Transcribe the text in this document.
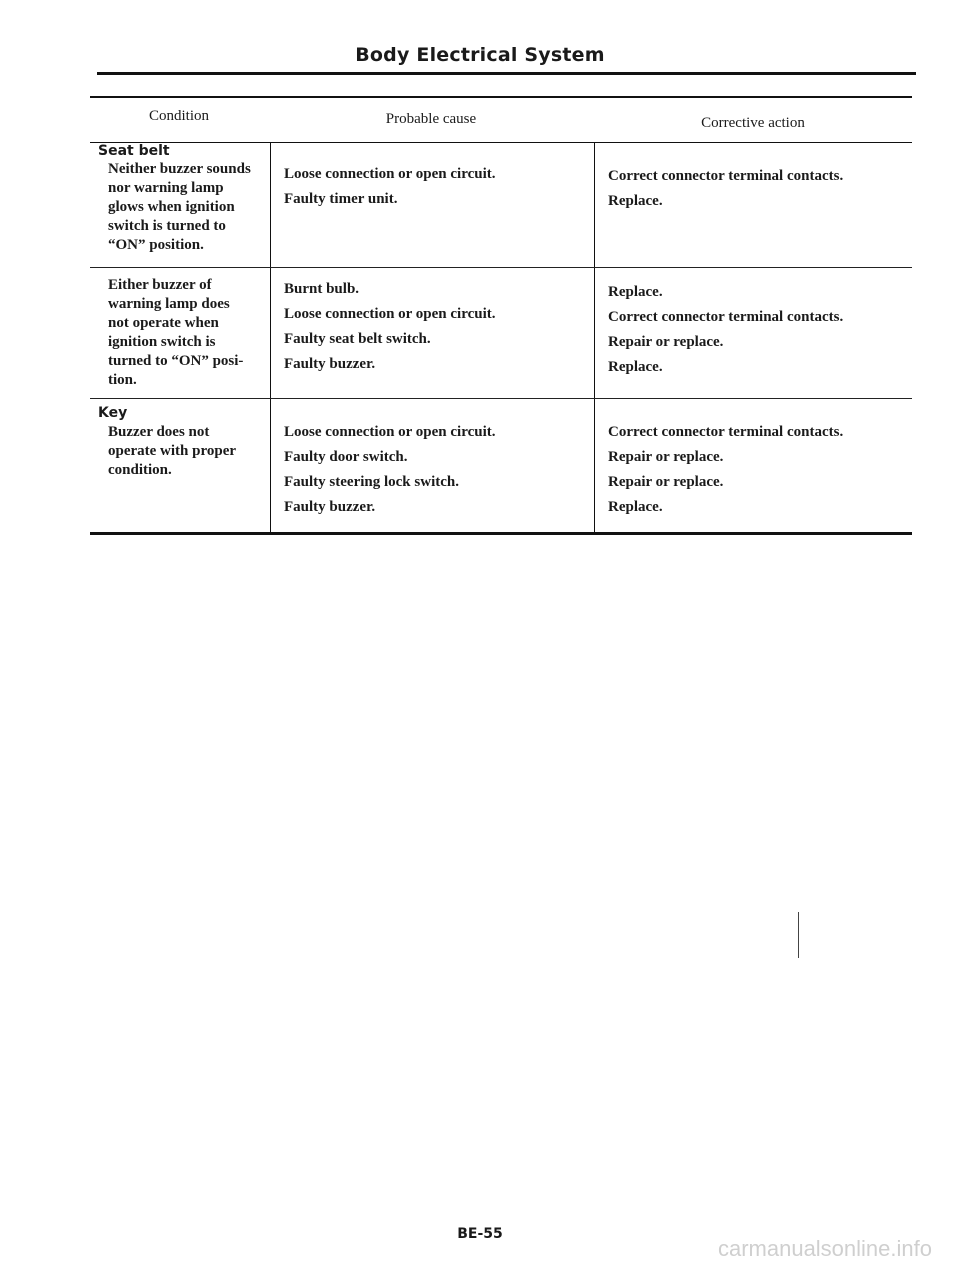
Body Electrical System
Condition	Probable cause	Corrective action
Seat belt
Neither buzzer sounds
nor warning lamp
glows when ignition
switch is turned to
“ON” position.
Loose connection or open circuit.
Faulty timer unit.
Correct connector terminal contacts.
Replace.
Either buzzer of
warning lamp does
not operate when
ignition switch is
turned to “ON” posi-
tion.
Burnt bulb.
Loose connection or open circuit.
Faulty seat belt switch.
Faulty buzzer.
Replace.
Correct connector terminal contacts.
Repair or replace.
Replace.
Key
Buzzer does not
operate with proper
condition.
Loose connection or open circuit.
Faulty door switch.
Faulty steering lock switch.
Faulty buzzer.
Correct connector terminal contacts.
Repair or replace.
Repair or replace.
Replace.
BE-55
carmanualsonline.info
